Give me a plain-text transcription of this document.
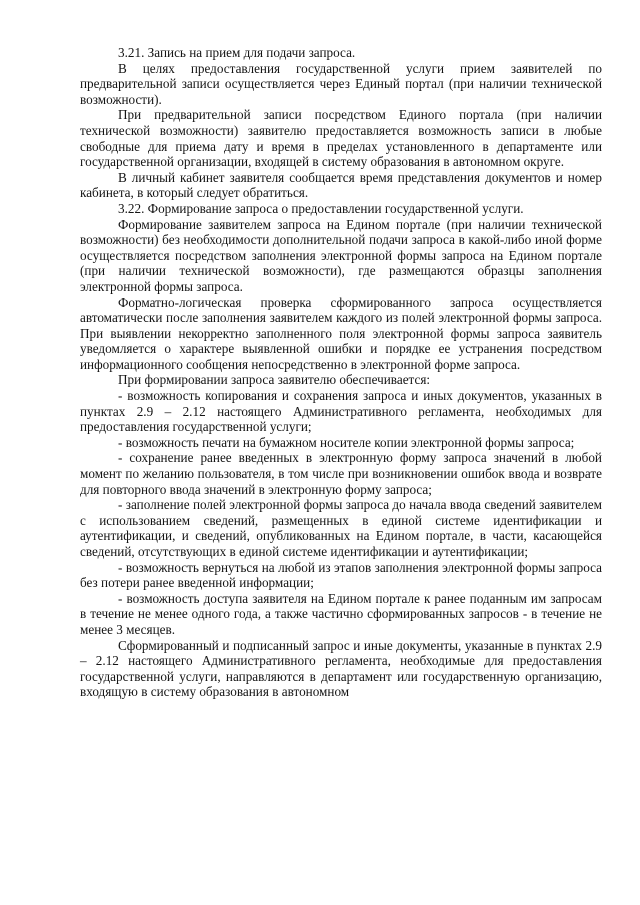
3.21. Запись на прием для подачи запроса.

В целях предоставления государственной услуги прием заявителей по предварительной записи осуществляется через Единый портал (при наличии технической возможности).

При предварительной записи посредством Единого портала (при наличии технической возможности) заявителю предоставляется возможность записи в любые свободные для приема дату и время в пределах установленного в департаменте или государственной организации, входящей в систему образования в автономном округе.

В личный кабинет заявителя сообщается время представления документов и номер кабинета, в который следует обратиться.

3.22. Формирование запроса о предоставлении государственной услуги.

Формирование заявителем запроса на Едином портале (при наличии технической возможности) без необходимости дополнительной подачи запроса в какой-либо иной форме осуществляется посредством заполнения электронной формы запроса на Едином портале (при наличии технической возможности), где размещаются образцы заполнения электронной формы запроса.

Форматно-логическая проверка сформированного запроса осуществляется автоматически после заполнения заявителем каждого из полей электронной формы запроса. При выявлении некорректно заполненного поля электронной формы запроса заявитель уведомляется о характере выявленной ошибки и порядке ее устранения посредством информационного сообщения непосредственно в электронной форме запроса.

При формировании запроса заявителю обеспечивается:

- возможность копирования и сохранения запроса и иных документов, указанных в пунктах 2.9 – 2.12 настоящего Административного регламента, необходимых для предоставления государственной услуги;

- возможность печати на бумажном носителе копии электронной формы запроса;

- сохранение ранее введенных в электронную форму запроса значений в любой момент по желанию пользователя, в том числе при возникновении ошибок ввода и возврате для повторного ввода значений в электронную форму запроса;

- заполнение полей электронной формы запроса до начала ввода сведений заявителем с использованием сведений, размещенных в единой системе идентификации и аутентификации, и сведений, опубликованных на Едином портале, в части, касающейся сведений, отсутствующих в единой системе идентификации и аутентификации;

- возможность вернуться на любой из этапов заполнения электронной формы запроса без потери ранее введенной информации;

- возможность доступа заявителя на Едином портале к ранее поданным им запросам в течение не менее одного года, а также частично сформированных запросов - в течение не менее 3 месяцев.

Сформированный и подписанный запрос и иные документы, указанные в пунктах 2.9 – 2.12 настоящего Административного регламента, необходимые для предоставления государственной услуги, направляются в департамент или государственную организацию, входящую в систему образования в автономном
